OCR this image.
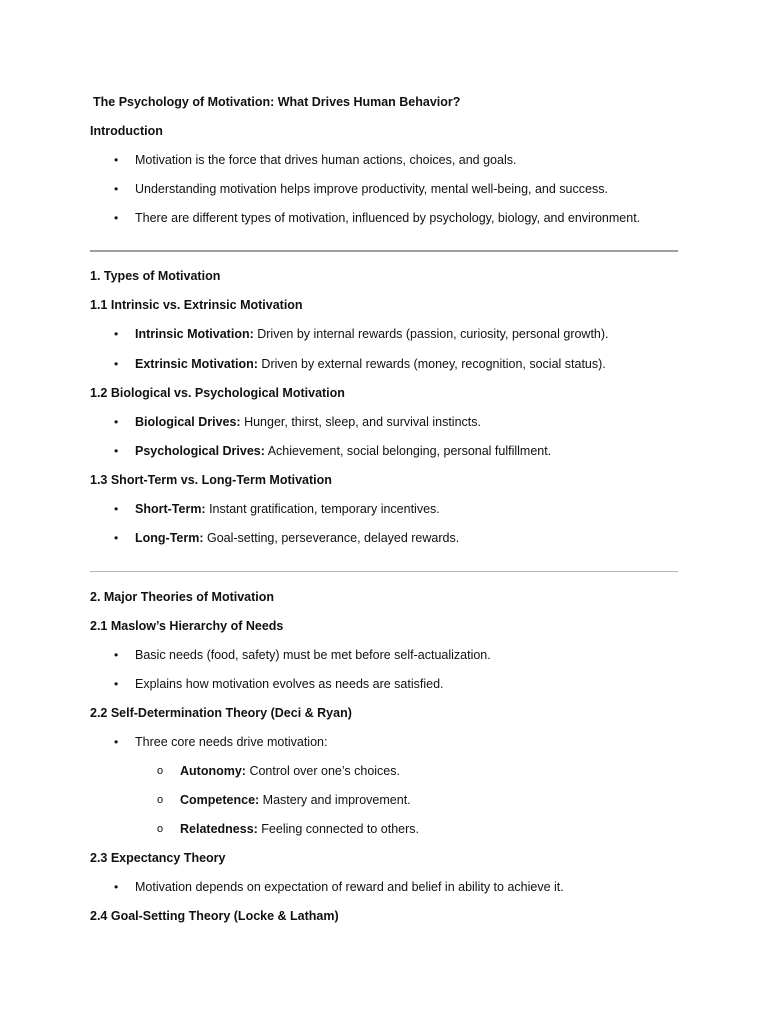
The Psychology of Motivation: What Drives Human Behavior?
Introduction
• Motivation is the force that drives human actions, choices, and goals.
• Understanding motivation helps improve productivity, mental well-being, and success.
• There are different types of motivation, influenced by psychology, biology, and environment.
1. Types of Motivation
1.1 Intrinsic vs. Extrinsic Motivation
• Intrinsic Motivation: Driven by internal rewards (passion, curiosity, personal growth).
• Extrinsic Motivation: Driven by external rewards (money, recognition, social status).
1.2 Biological vs. Psychological Motivation
• Biological Drives: Hunger, thirst, sleep, and survival instincts.
• Psychological Drives: Achievement, social belonging, personal fulfillment.
1.3 Short-Term vs. Long-Term Motivation
• Short-Term: Instant gratification, temporary incentives.
• Long-Term: Goal-setting, perseverance, delayed rewards.
2. Major Theories of Motivation
2.1 Maslow’s Hierarchy of Needs
• Basic needs (food, safety) must be met before self-actualization.
• Explains how motivation evolves as needs are satisfied.
2.2 Self-Determination Theory (Deci & Ryan)
• Three core needs drive motivation:
o Autonomy: Control over one’s choices.
o Competence: Mastery and improvement.
o Relatedness: Feeling connected to others.
2.3 Expectancy Theory
• Motivation depends on expectation of reward and belief in ability to achieve it.
2.4 Goal-Setting Theory (Locke & Latham)
